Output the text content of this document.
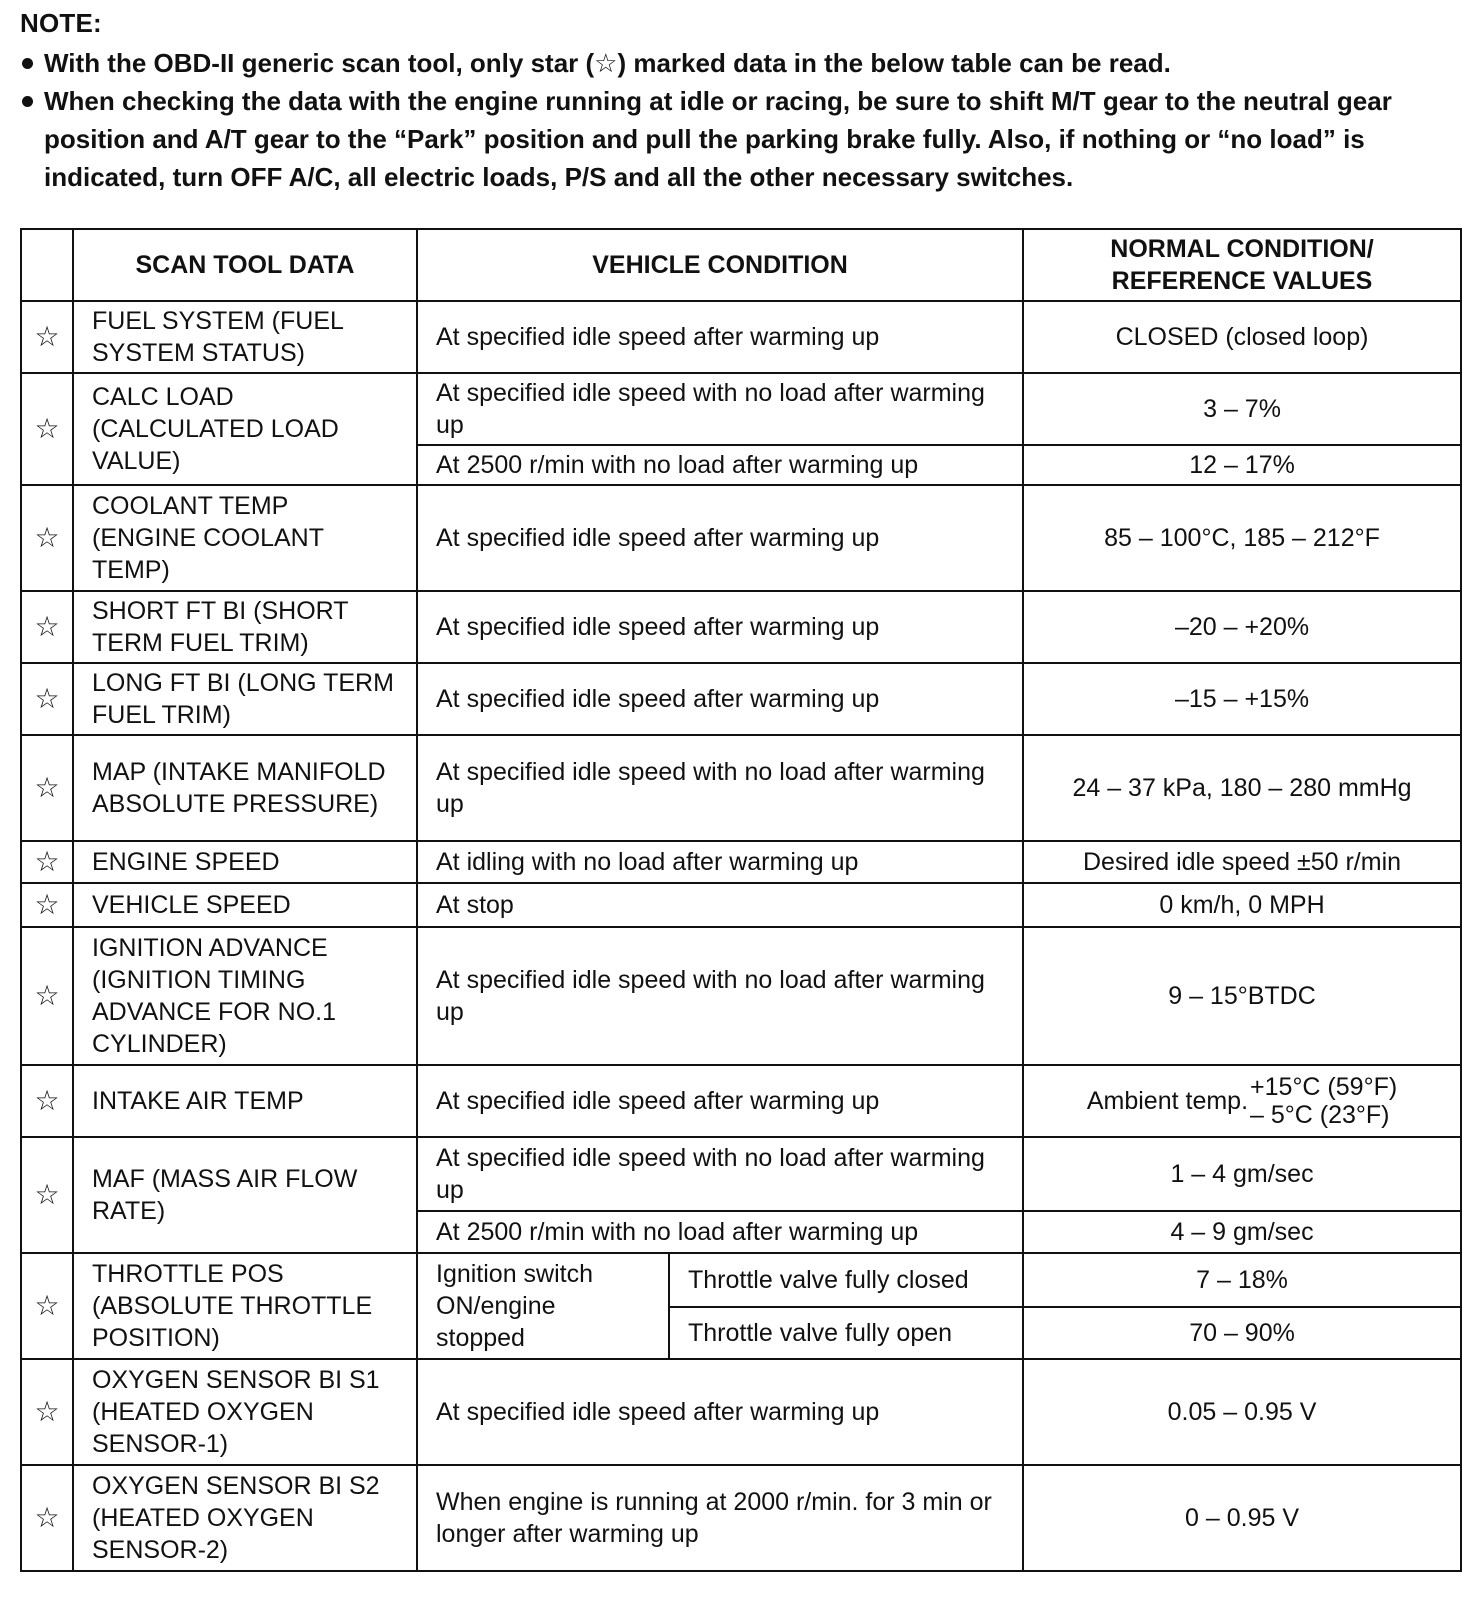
NOTE:
With the OBD-II generic scan tool, only star (☆) marked data in the below table can be read.
When checking the data with the engine running at idle or racing, be sure to shift M/T gear to the neutral gear position and A/T gear to the “Park” position and pull the parking brake fully. Also, if nothing or “no load” is indicated, turn OFF A/C, all electric loads, P/S and all the other necessary switches.
	SCAN TOOL DATA	VEHICLE CONDITION		NORMAL CONDITION/ REFERENCE VALUES
☆	FUEL SYSTEM (FUEL SYSTEM STATUS)	At specified idle speed after warming up		CLOSED (closed loop)
☆	CALC LOAD (CALCULATED LOAD VALUE)	At specified idle speed with no load after warming up		3 – 7%
		At 2500 r/min with no load after warming up		12 – 17%
☆	COOLANT TEMP (ENGINE COOLANT TEMP)	At specified idle speed after warming up		85 – 100°C, 185 – 212°F
☆	SHORT FT BI (SHORT TERM FUEL TRIM)	At specified idle speed after warming up		–20 – +20%
☆	LONG FT BI (LONG TERM FUEL TRIM)	At specified idle speed after warming up		–15 – +15%
☆	MAP (INTAKE MANIFOLD ABSOLUTE PRESSURE)	At specified idle speed with no load after warming up		24 – 37 kPa, 180 – 280 mmHg
☆	ENGINE SPEED	At idling with no load after warming up		Desired idle speed ±50 r/min
☆	VEHICLE SPEED	At stop		0 km/h, 0 MPH
☆	IGNITION ADVANCE (IGNITION TIMING ADVANCE FOR NO.1 CYLINDER)	At specified idle speed with no load after warming up		9 – 15°BTDC
☆	INTAKE AIR TEMP	At specified idle speed after warming up		Ambient temp. +15°C (59°F)
– 5°C (23°F)

☆	MAF (MASS AIR FLOW RATE)	At specified idle speed with no load after warming up		1 – 4 gm/sec
		At 2500 r/min with no load after warming up		4 – 9 gm/sec
☆	THROTTLE POS (ABSOLUTE THROTTLE POSITION)	Ignition switch ON/engine stopped	Throttle valve fully closed	7 – 18%
			Throttle valve fully open	70 – 90%
☆	OXYGEN SENSOR BI S1 (HEATED OXYGEN SENSOR-1)	At specified idle speed after warming up		0.05 – 0.95 V
☆	OXYGEN SENSOR BI S2 (HEATED OXYGEN SENSOR-2)	When engine is running at 2000 r/min. for 3 min or longer after warming up		0 – 0.95 V
